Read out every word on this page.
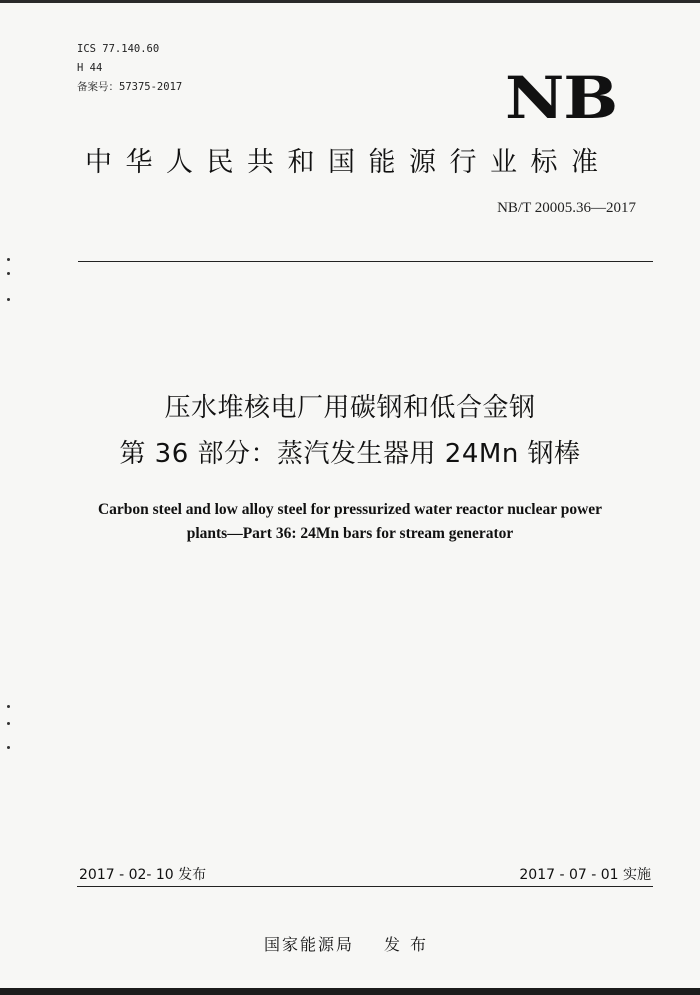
ICS 77.140.60
H 44
备案号：57375-2017	NB
中华人民共和国能源行业标准
NB/T 20005.36—2017
压水堆核电厂用碳钢和低合金钢
第 36 部分：蒸汽发生器用 24Mn 钢棒
Carbon steel and low alloy steel for pressurized water reactor nuclear power
plants—Part 36: 24Mn bars for stream generator
2017 - 02- 10 发布	2017 - 07 - 01 实施
国家能源局 发布
